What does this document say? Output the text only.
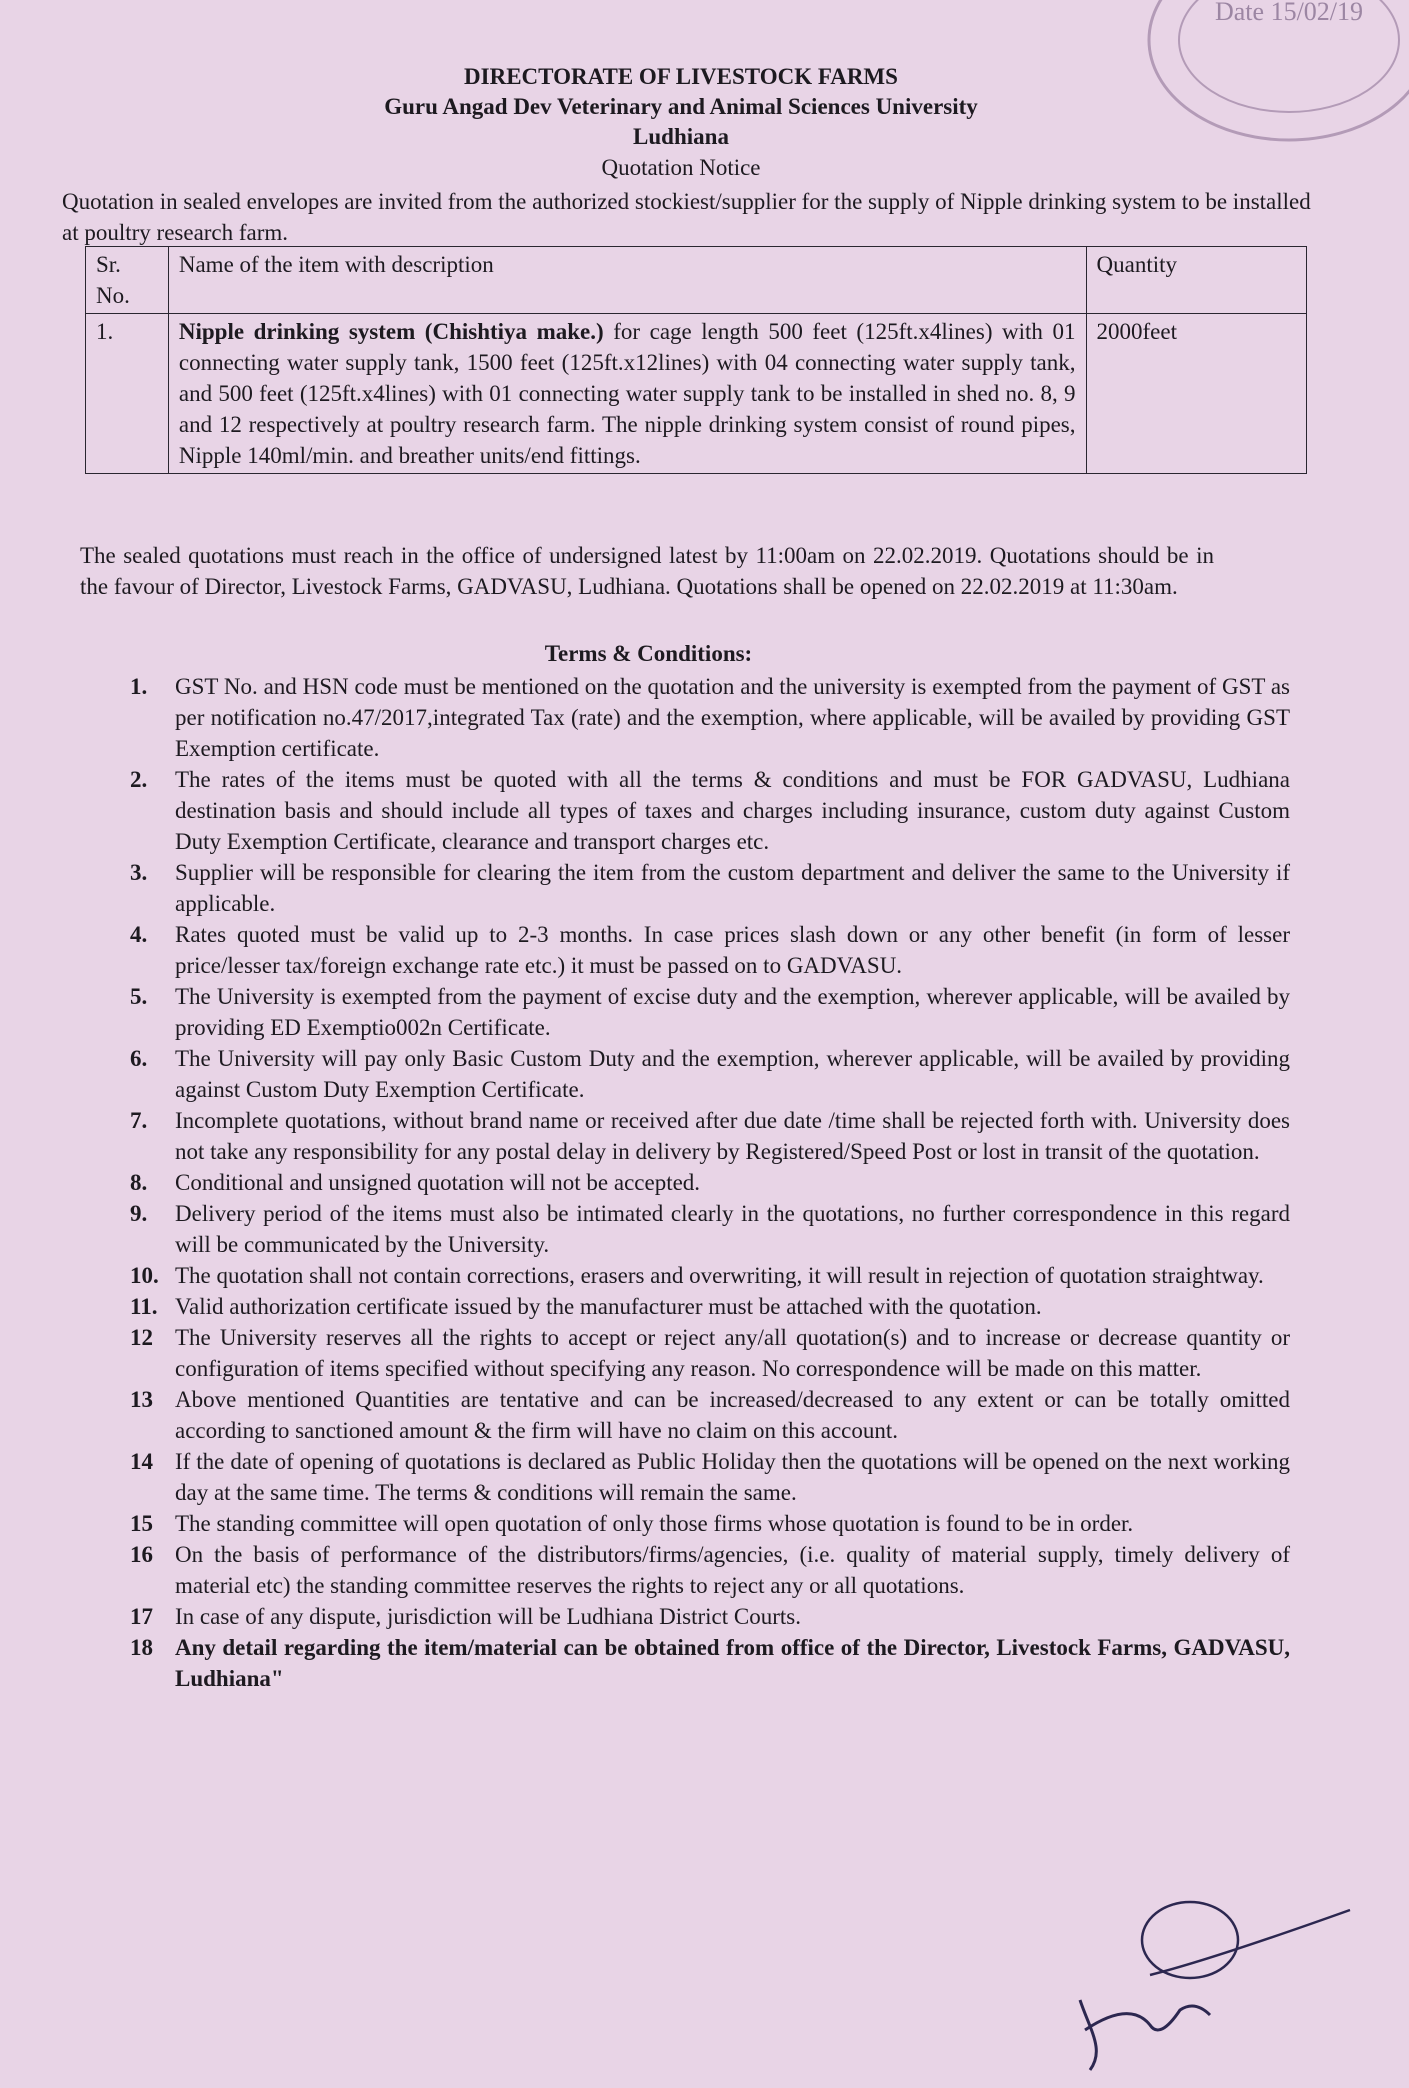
Date 15/02/19
DIRECTORATE OF LIVESTOCK FARMS
Guru Angad Dev Veterinary and Animal Sciences University
Ludhiana
Quotation Notice
Quotation in sealed envelopes are invited from the authorized stockiest/supplier for the supply of Nipple drinking system to be installed at poultry research farm.
Sr. No.	Name of the item with description	Quantity
1.	Nipple drinking system (Chishtiya make.) for cage length 500 feet (125ft.x4lines) with 01 connecting water supply tank, 1500 feet (125ft.x12lines) with 04 connecting water supply tank, and 500 feet (125ft.x4lines) with 01 connecting water supply tank to be installed in shed no. 8, 9 and 12 respectively at poultry research farm. The nipple drinking system consist of round pipes, Nipple 140ml/min. and breather units/end fittings.	2000feet
The sealed quotations must reach in the office of undersigned latest by 11:00am on 22.02.2019. Quotations should be in the favour of Director, Livestock Farms, GADVASU, Ludhiana. Quotations shall be opened on 22.02.2019 at 11:30am.
Terms & Conditions:
1.	GST No. and HSN code must be mentioned on the quotation and the university is exempted from the payment of GST as per notification no.47/2017,integrated Tax (rate) and the exemption, where applicable, will be availed by providing GST Exemption certificate.
2.	The rates of the items must be quoted with all the terms & conditions and must be FOR GADVASU, Ludhiana destination basis and should include all types of taxes and charges including insurance, custom duty against Custom Duty Exemption Certificate, clearance and transport charges etc.
3.	Supplier will be responsible for clearing the item from the custom department and deliver the same to the University if applicable.
4.	Rates quoted must be valid up to 2-3 months. In case prices slash down or any other benefit (in form of lesser price/lesser tax/foreign exchange rate etc.) it must be passed on to GADVASU.
5.	The University is exempted from the payment of excise duty and the exemption, wherever applicable, will be availed by providing ED Exemptio002n Certificate.
6.	The University will pay only Basic Custom Duty and the exemption, wherever applicable, will be availed by providing against Custom Duty Exemption Certificate.
7.	Incomplete quotations, without brand name or received after due date /time shall be rejected forth with. University does not take any responsibility for any postal delay in delivery by Registered/Speed Post or lost in transit of the quotation.
8.	Conditional and unsigned quotation will not be accepted.
9.	Delivery period of the items must also be intimated clearly in the quotations, no further correspondence in this regard will be communicated by the University.
10. The quotation shall not contain corrections, erasers and overwriting, it will result in rejection of quotation straightway.
11. Valid authorization certificate issued by the manufacturer must be attached with the quotation.
12 The University reserves all the rights to accept or reject any/all quotation(s) and to increase or decrease quantity or configuration of items specified without specifying any reason. No correspondence will be made on this matter.
13 Above mentioned Quantities are tentative and can be increased/decreased to any extent or can be totally omitted according to sanctioned amount & the firm will have no claim on this account.
14 If the date of opening of quotations is declared as Public Holiday then the quotations will be opened on the next working day at the same time. The terms & conditions will remain the same.
15 The standing committee will open quotation of only those firms whose quotation is found to be in order.
16 On the basis of performance of the distributors/firms/agencies, (i.e. quality of material supply, timely delivery of material etc) the standing committee reserves the rights to reject any or all quotations.
17 In case of any dispute, jurisdiction will be Ludhiana District Courts.
18 Any detail regarding the item/material can be obtained from office of the Director, Livestock Farms, GADVASU, Ludhiana"
